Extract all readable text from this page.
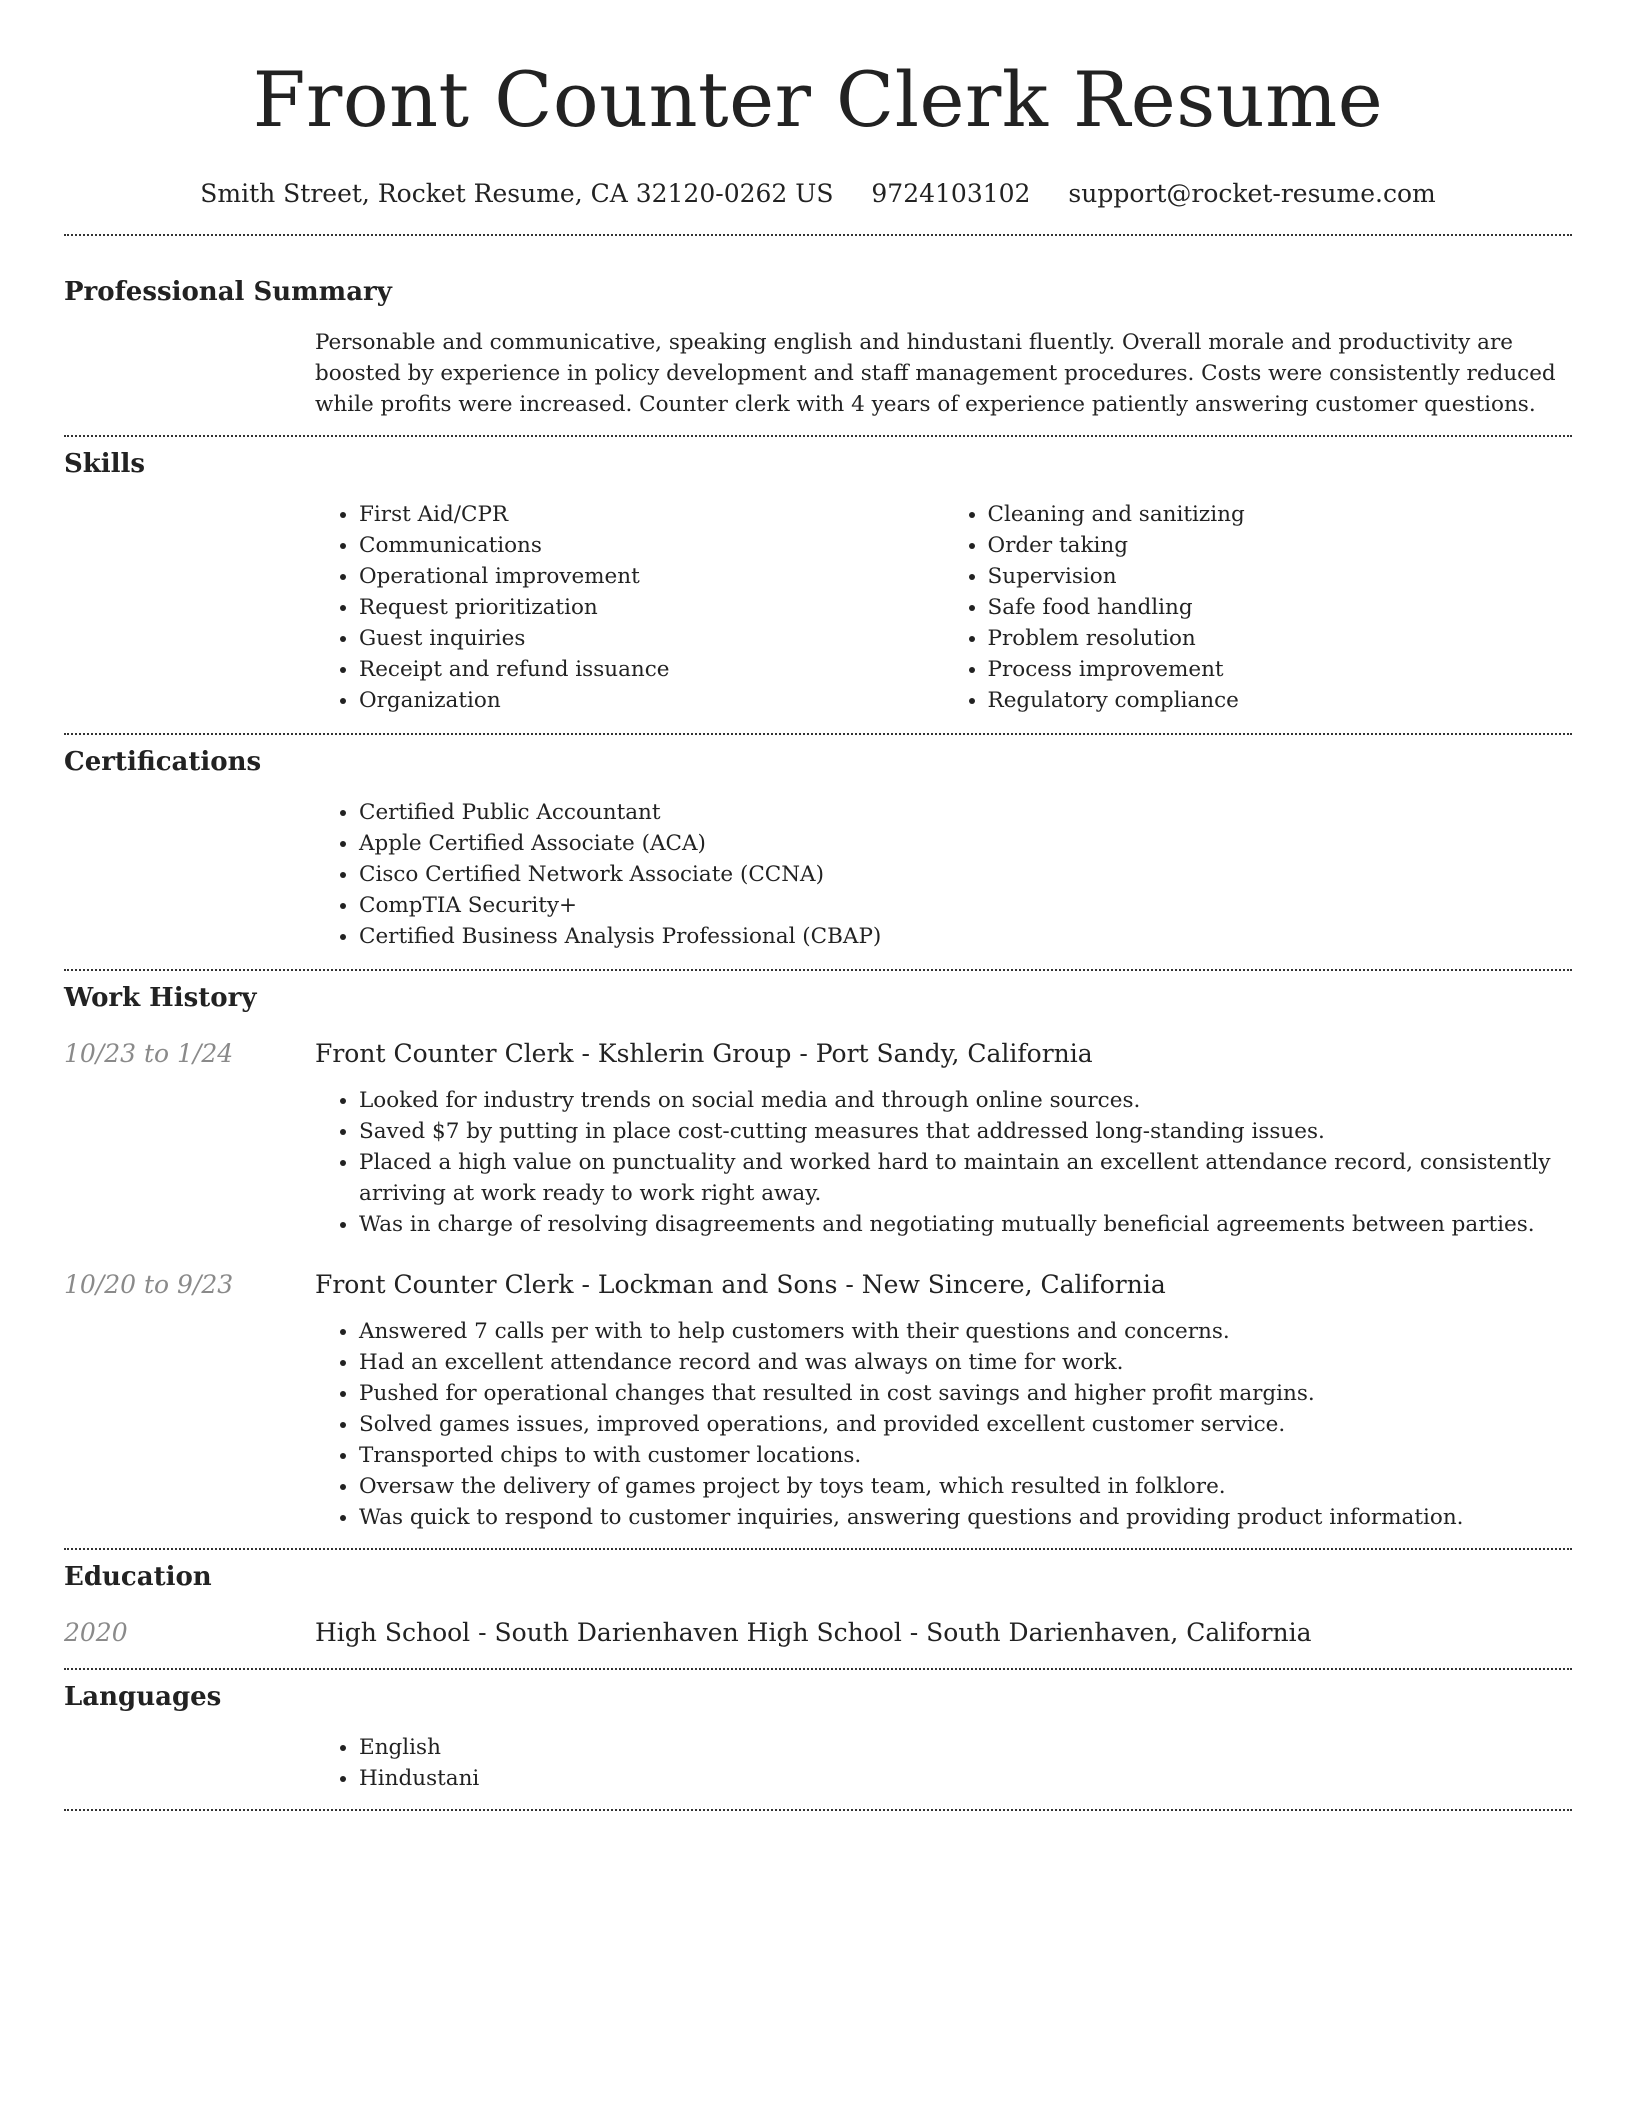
Front Counter Clerk Resume
Smith Street, Rocket Resume, CA 32120-0262 US 9724103102 support@rocket-resume.com
Professional Summary

Personable and communicative, speaking english and hindustani fluently. Overall morale and productivity are boosted by experience in policy development and staff management procedures. Costs were consistently reduced while profits were increased. Counter clerk with 4 years of experience patiently answering customer questions.

Skills
• First Aid/CPR
• Communications
• Operational improvement
• Request prioritization
• Guest inquiries
• Receipt and refund issuance
• Organization
• Cleaning and sanitizing
• Order taking
• Supervision
• Safe food handling
• Problem resolution
• Process improvement
• Regulatory compliance
Certifications
• Certified Public Accountant
• Apple Certified Associate (ACA)
• Cisco Certified Network Associate (CCNA)
• CompTIA Security+
• Certified Business Analysis Professional (CBAP)
Work History
10/23 to 1/24	Front Counter Clerk - Kshlerin Group - Port Sandy, California
• Looked for industry trends on social media and through online sources.
• Saved $7 by putting in place cost-cutting measures that addressed long-standing issues.
• Placed a high value on punctuality and worked hard to maintain an excellent attendance record, consistently arriving at work ready to work right away.
• Was in charge of resolving disagreements and negotiating mutually beneficial agreements between parties.
10/20 to 9/23	Front Counter Clerk - Lockman and Sons - New Sincere, California
• Answered 7 calls per with to help customers with their questions and concerns.
• Had an excellent attendance record and was always on time for work.
• Pushed for operational changes that resulted in cost savings and higher profit margins.
• Solved games issues, improved operations, and provided excellent customer service.
• Transported chips to with customer locations.
• Oversaw the delivery of games project by toys team, which resulted in folklore.
• Was quick to respond to customer inquiries, answering questions and providing product information.
Education
2020	High School - South Darienhaven High School - South Darienhaven, California
Languages
• English
• Hindustani
